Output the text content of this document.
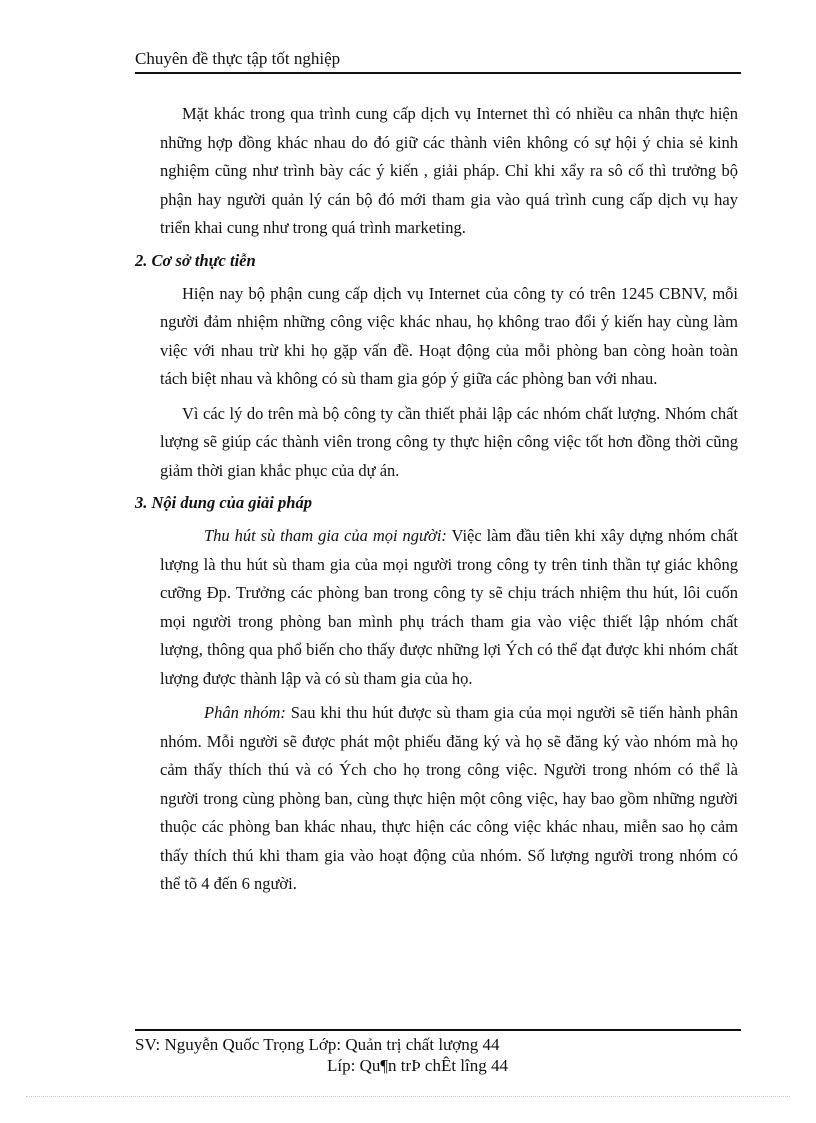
Chuyên đề thực tập tốt nghiệp

Mặt khác trong qua trình cung cấp dịch vụ Internet thì có nhiều ca nhân thực hiện những hợp đồng khác nhau do đó giữ các thành viên không có sự hội ý chia sẻ kinh nghiệm cũng như trình bày các ý kiến , giải pháp. Chỉ khi xẩy ra sô cố thì trưởng bộ phận hay người quản lý cán bộ đó mới tham gia vào quá trình cung cấp dịch vụ hay triển khai cung như trong quá trình marketing.

2. Cơ sở thực tiễn

Hiện nay bộ phận cung cấp dịch vụ Internet của công ty có trên 1245 CBNV, mỗi người đảm nhiệm những công việc khác nhau, họ không trao đổi ý kiến hay cùng làm việc với nhau trừ khi họ gặp vấn đề. Hoạt động của mỗi phòng ban còng hoàn toàn tách biệt nhau và không có sù tham gia góp ý giữa các phòng ban với nhau.

Vì các lý do trên mà bộ công ty cần thiết phải lập các nhóm chất lượng. Nhóm chất lượng sẽ giúp các thành viên trong công ty thực hiện công việc tốt hơn đồng thời cũng giảm thời gian khắc phục của dự án.

3. Nội dung của giải pháp

Thu hút sù tham gia của mọi người: Việc làm đầu tiên khi xây dựng nhóm chất lượng là thu hút sù tham gia của mọi người trong công ty trên tinh thần tự giác không cưỡng Đp. Trưởng các phòng ban trong công ty sẽ chịu trách nhiệm thu hút, lôi cuốn mọi người trong phòng ban mình phụ trách tham gia vào việc thiết lập nhóm chất lượng, thông qua phổ biến cho thấy được những lợi Ých có thể đạt được khi nhóm chất lượng được thành lập và có sù tham gia của họ.

Phân nhóm: Sau khi thu hút được sù tham gia của mọi người sẽ tiến hành phân nhóm. Mỗi người sẽ được phát một phiếu đăng ký và họ sẽ đăng ký vào nhóm mà họ cảm thấy thích thú và có Ých cho họ trong công việc. Người trong nhóm có thể là người trong cùng phòng ban, cùng thực hiện một công việc, hay bao gồm những người thuộc các phòng ban khác nhau, thực hiện các công việc khác nhau, miễn sao họ cảm thấy thích thú khi tham gia vào hoạt động của nhóm. Số lượng người trong nhóm có thể tõ 4 đến 6 người.

SV: Nguyễn Quốc Trọng Lớp: Quản trị chất lượng 44
Líp: Qu¶n trÞ chÊt lîng 44
